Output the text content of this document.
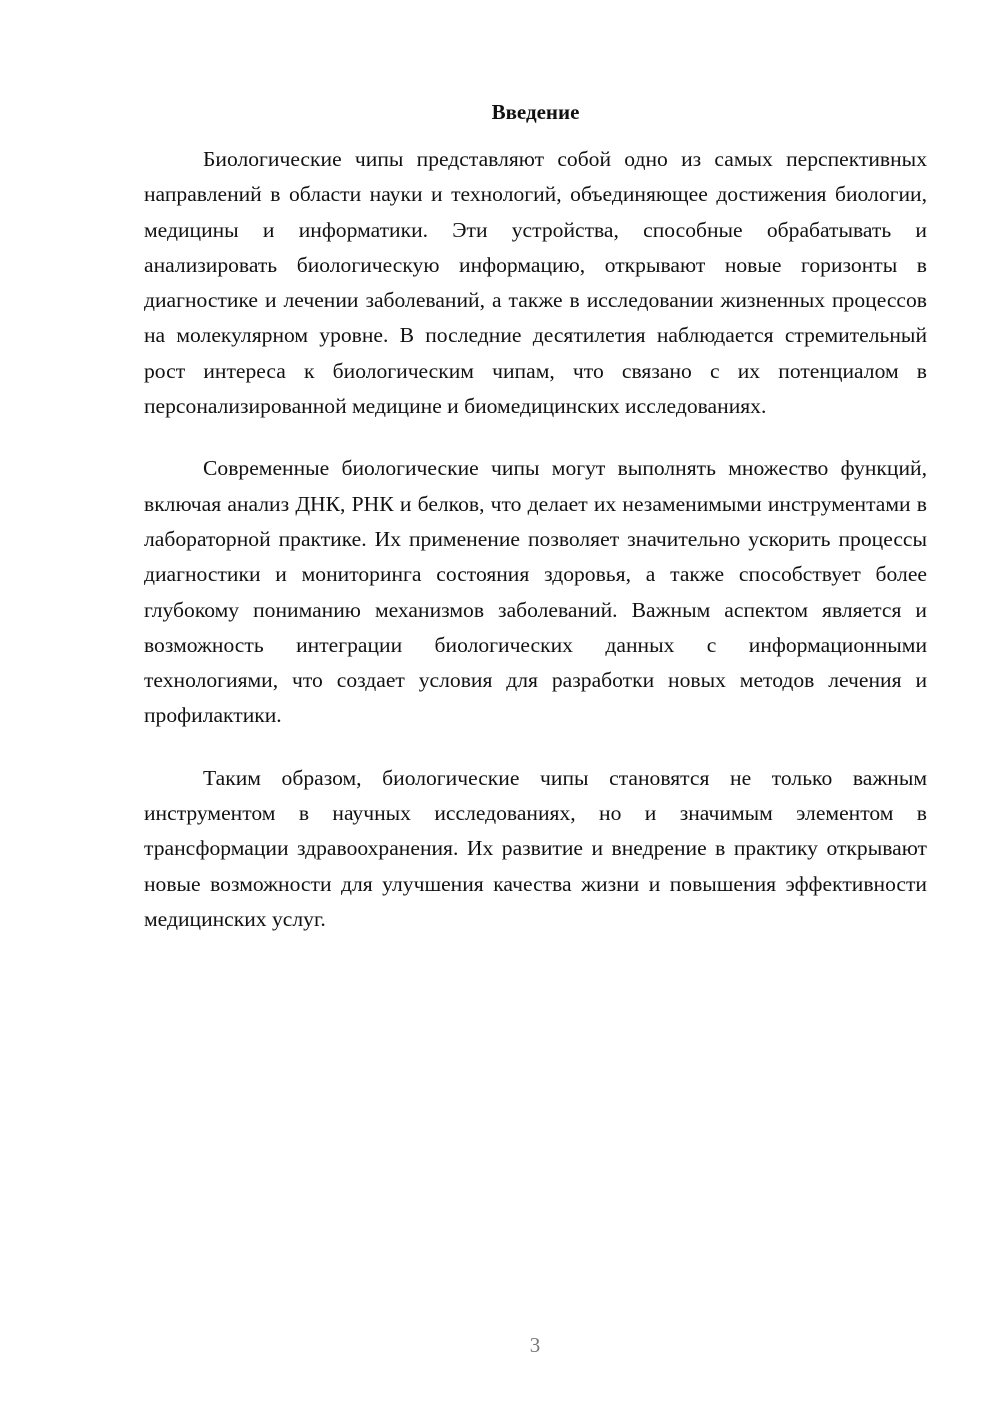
Введение

Биологические чипы представляют собой одно из самых перспективных направлений в области науки и технологий, объединяющее достижения биологии, медицины и информатики. Эти устройства, способные обрабатывать и анализировать биологическую информацию, открывают новые горизонты в диагностике и лечении заболеваний, а также в исследовании жизненных процессов на молекулярном уровне. В последние десятилетия наблюдается стремительный рост интереса к биологическим чипам, что связано с их потенциалом в персонализированной медицине и биомедицинских исследованиях.

Современные биологические чипы могут выполнять множество функций, включая анализ ДНК, РНК и белков, что делает их незаменимыми инструментами в лабораторной практике. Их применение позволяет значительно ускорить процессы диагностики и мониторинга состояния здоровья, а также способствует более глубокому пониманию механизмов заболеваний. Важным аспектом является и возможность интеграции биологических данных с информационными технологиями, что создает условия для разработки новых методов лечения и профилактики.

Таким образом, биологические чипы становятся не только важным инструментом в научных исследованиях, но и значимым элементом в трансформации здравоохранения. Их развитие и внедрение в практику открывают новые возможности для улучшения качества жизни и повышения эффективности медицинских услуг.

3
